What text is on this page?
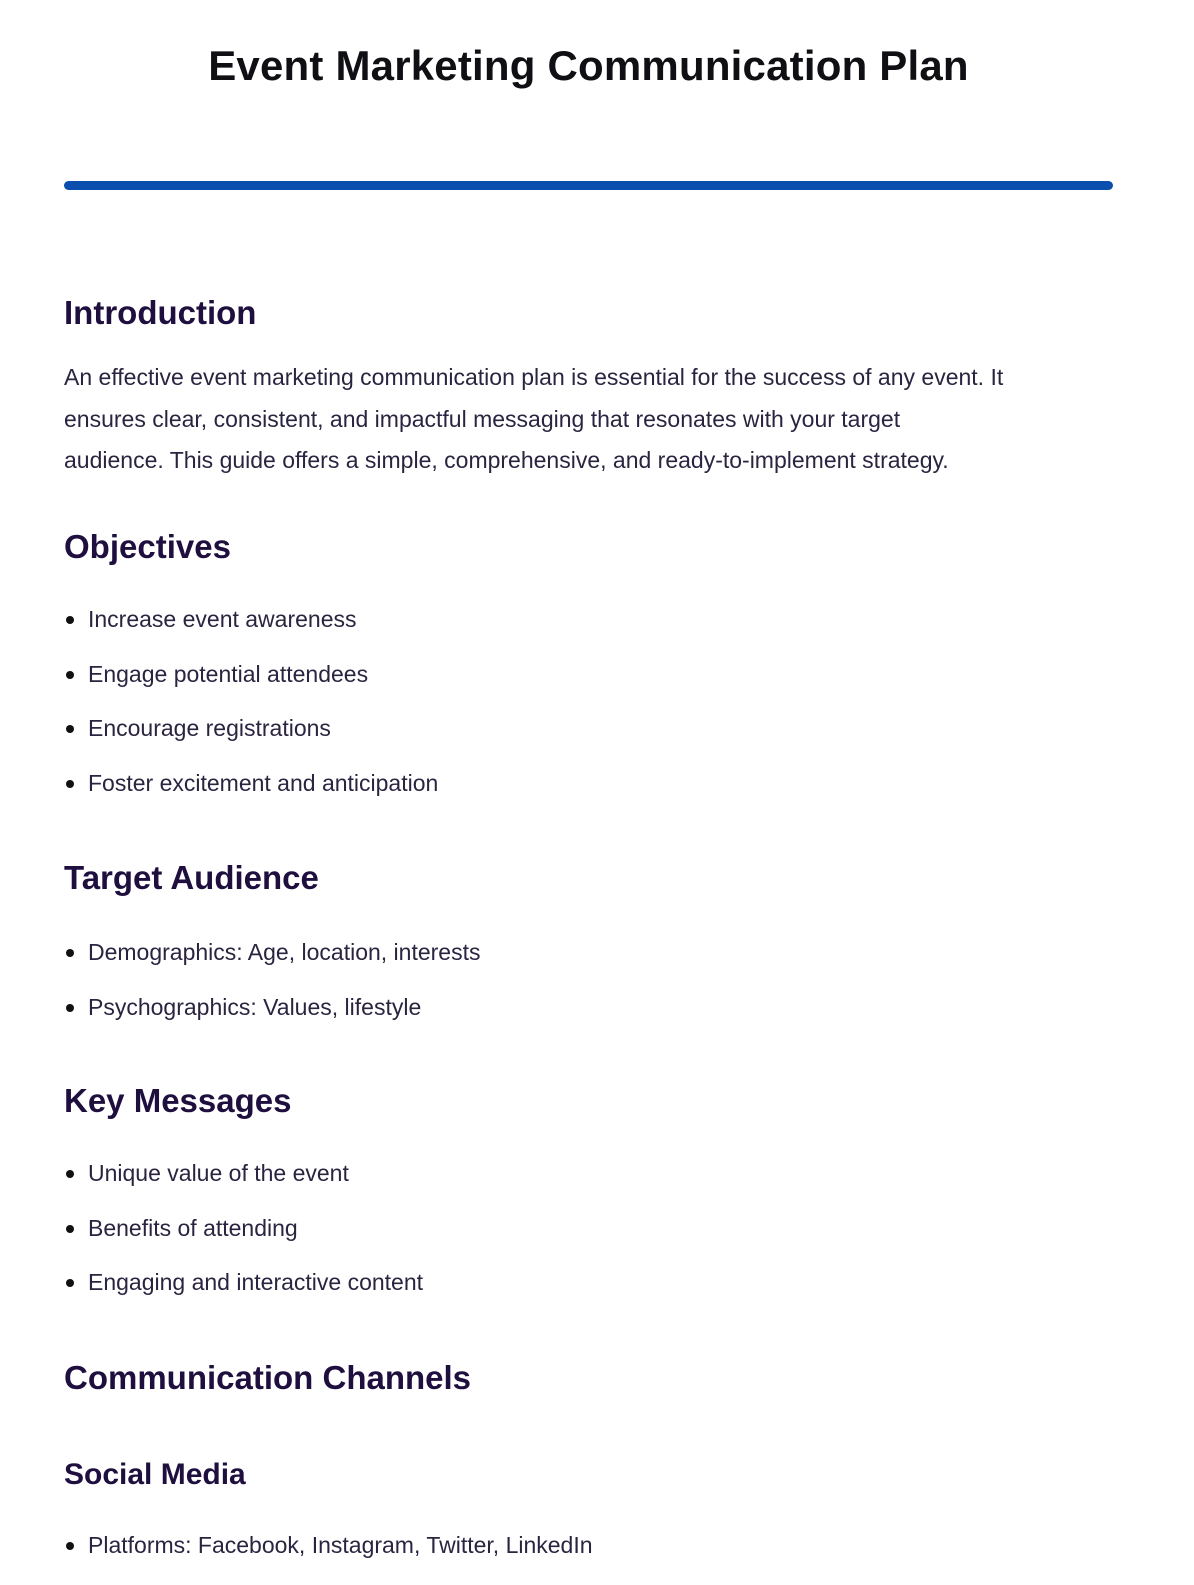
Event Marketing Communication Plan
Introduction

An effective event marketing communication plan is essential for the success of any event. It
ensures clear, consistent, and impactful messaging that resonates with your target
audience. This guide offers a simple, comprehensive, and ready-to-implement strategy.

Objectives
Increase event awareness
Engage potential attendees
Encourage registrations
Foster excitement and anticipation
Target Audience
Demographics: Age, location, interests
Psychographics: Values, lifestyle
Key Messages
Unique value of the event
Benefits of attending
Engaging and interactive content
Communication Channels
Social Media
Platforms: Facebook, Instagram, Twitter, LinkedIn
